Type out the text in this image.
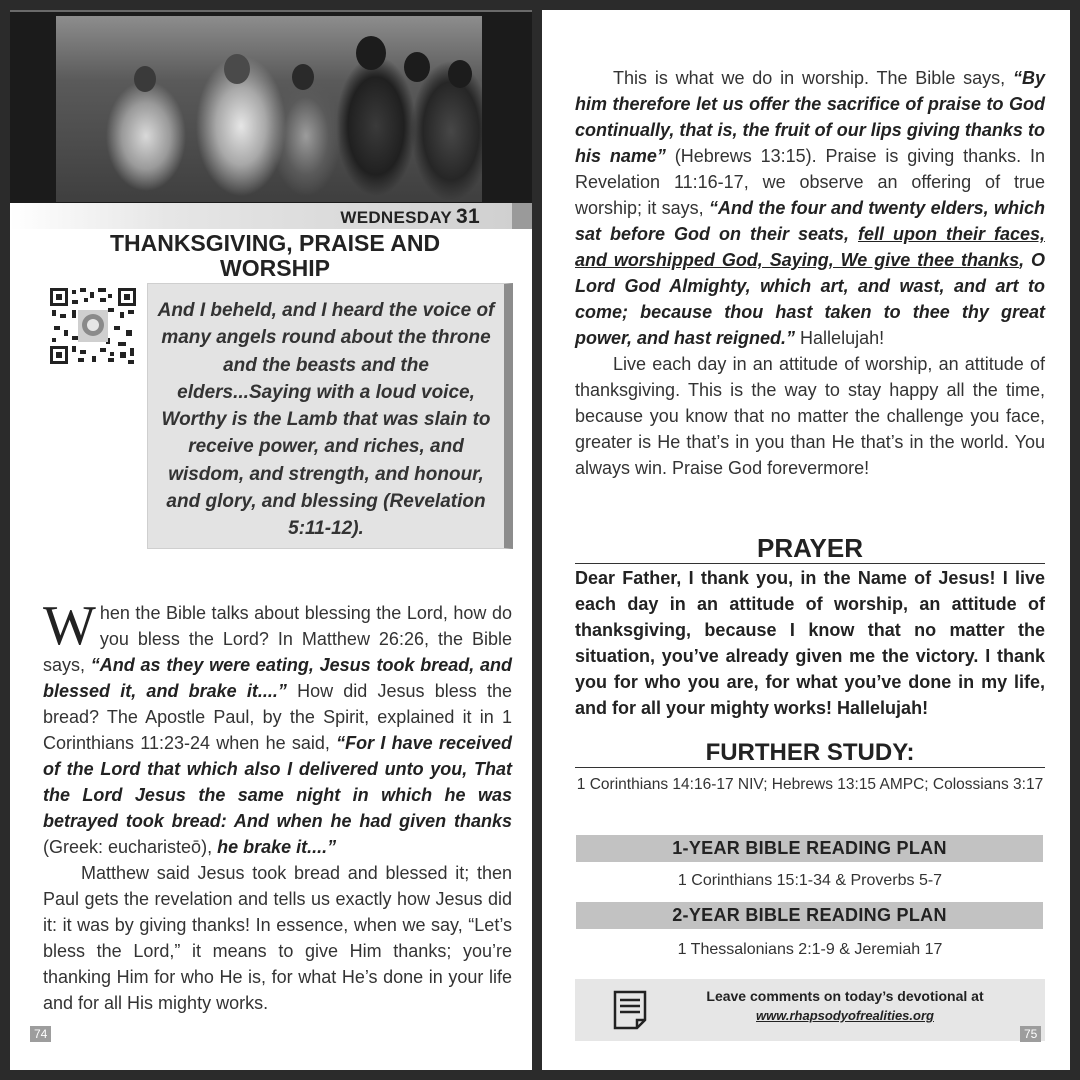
WEDNESDAY 31
THANKSGIVING, PRAISE AND WORSHIP
And I beheld, and I heard the voice of many angels round about the throne and the beasts and the elders...Saying with a loud voice, Worthy is the Lamb that was slain to receive power, and riches, and wisdom, and strength, and honour, and glory, and blessing (Revelation 5:11-12).
When the Bible talks about blessing the Lord, how do you bless the Lord? In Matthew 26:26, the Bible says, “And as they were eating, Jesus took bread, and blessed it, and brake it....” How did Jesus bless the bread? The Apostle Paul, by the Spirit, explained it in 1 Corinthians 11:23-24 when he said, “For I have received of the Lord that which also I delivered unto you, That the Lord Jesus the same night in which he was betrayed took bread: And when he had given thanks (Greek: eucharisteō), he brake it....”
Matthew said Jesus took bread and blessed it; then Paul gets the revelation and tells us exactly how Jesus did it: it was by giving thanks! In essence, when we say, “Let’s bless the Lord,” it means to give Him thanks; you’re thanking Him for who He is, for what He’s done in your life and for all His mighty works.
74
This is what we do in worship. The Bible says, “By him therefore let us offer the sacrifice of praise to God continually, that is, the fruit of our lips giving thanks to his name” (Hebrews 13:15). Praise is giving thanks. In Revelation 11:16-17, we observe an offering of true worship; it says, “And the four and twenty elders, which sat before God on their seats, fell upon their faces, and worshipped God, Saying, We give thee thanks, O Lord God Almighty, which art, and wast, and art to come; because thou hast taken to thee thy great power, and hast reigned.” Hallelujah!
Live each day in an attitude of worship, an attitude of thanksgiving. This is the way to stay happy all the time, because you know that no matter the challenge you face, greater is He that’s in you than He that’s in the world. You always win. Praise God forevermore!
PRAYER
Dear Father, I thank you, in the Name of Jesus! I live each day in an attitude of worship, an attitude of thanksgiving, because I know that no matter the situation, you’ve already given me the victory. I thank you for who you are, for what you’ve done in my life, and for all your mighty works! Hallelujah!
FURTHER STUDY:
1 Corinthians 14:16-17 NIV; Hebrews 13:15 AMPC; Colossians 3:17
1-YEAR BIBLE READING PLAN
1 Corinthians 15:1-34 & Proverbs 5-7
2-YEAR BIBLE READING PLAN
1 Thessalonians 2:1-9 & Jeremiah 17
Leave comments on today’s devotional at
www.rhapsodyofrealities.org
75
